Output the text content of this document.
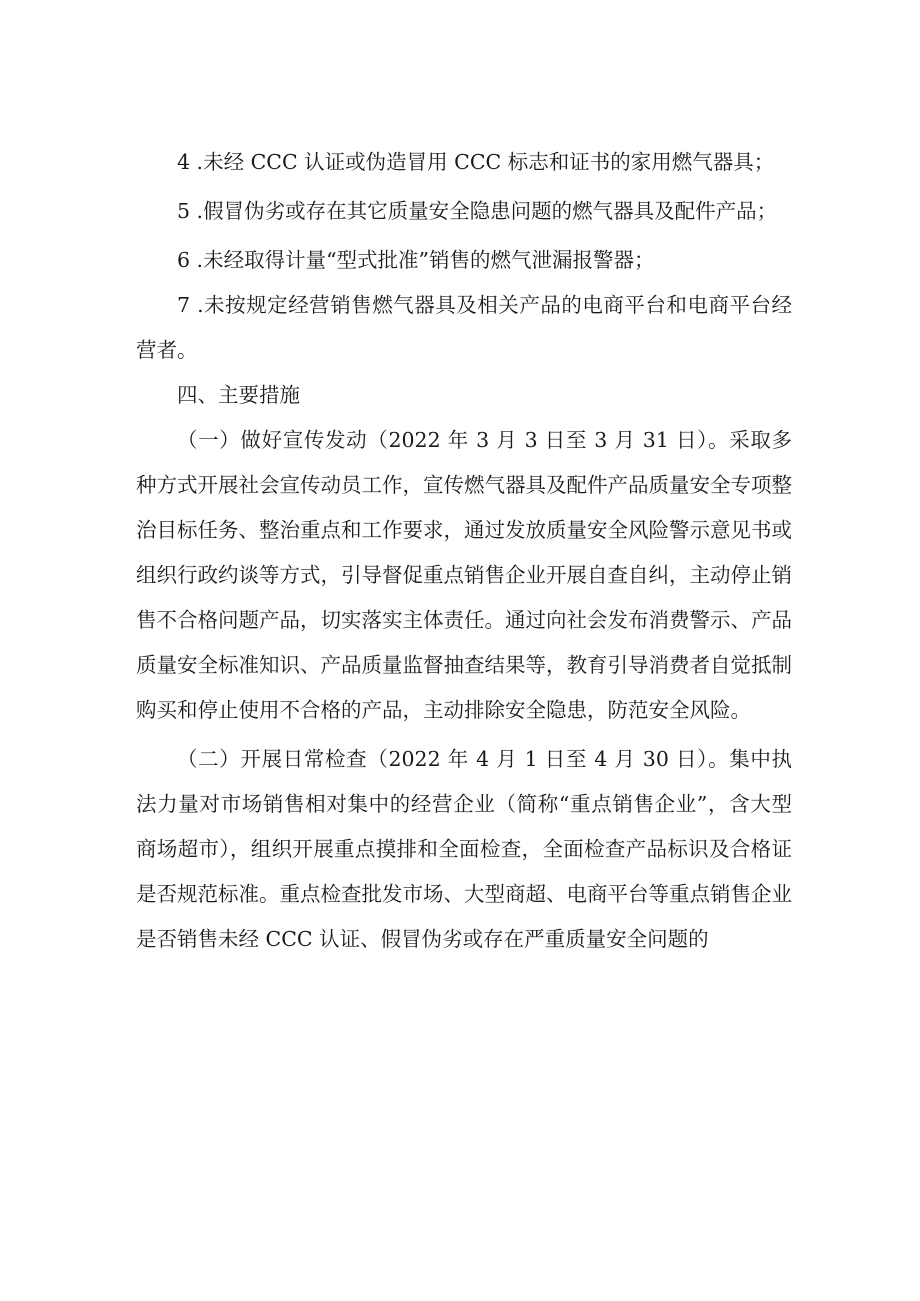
4 .未经 CCC 认证或伪造冒用 CCC 标志和证书的家用燃气器具；

5 .假冒伪劣或存在其它质量安全隐患问题的燃气器具及配件产品；

6 .未经取得计量“型式批准”销售的燃气泄漏报警器；

7 .未按规定经营销售燃气器具及相关产品的电商平台和电商平台经营者。

四、主要措施

（一）做好宣传发动（2022 年 3 月 3 日至 3 月 31 日）。采取多种方式开展社会宣传动员工作，宣传燃气器具及配件产品质量安全专项整治目标任务、整治重点和工作要求，通过发放质量安全风险警示意见书或组织行政约谈等方式，引导督促重点销售企业开展自查自纠，主动停止销售不合格问题产品，切实落实主体责任。通过向社会发布消费警示、产品质量安全标准知识、产品质量监督抽查结果等，教育引导消费者自觉抵制购买和停止使用不合格的产品，主动排除安全隐患，防范安全风险。

（二）开展日常检查（2022 年 4 月 1 日至 4 月 30 日）。集中执法力量对市场销售相对集中的经营企业（简称“重点销售企业”，含大型商场超市），组织开展重点摸排和全面检查，全面检查产品标识及合格证是否规范标准。重点检查批发市场、大型商超、电商平台等重点销售企业是否销售未经 CCC 认证、假冒伪劣或存在严重质量安全问题的
